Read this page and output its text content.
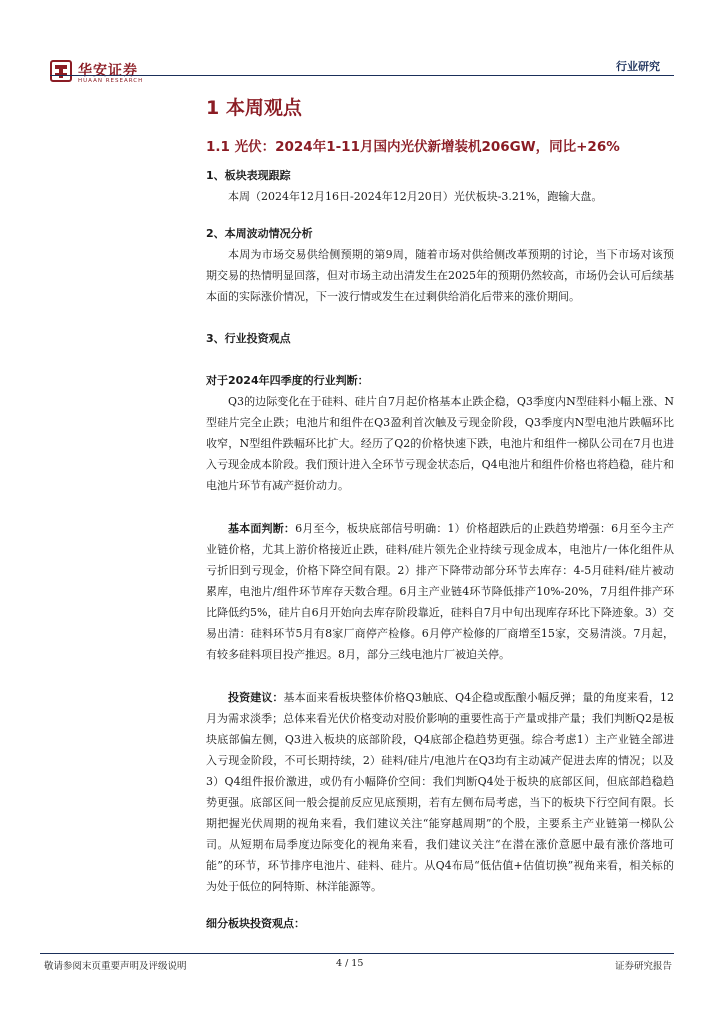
华安证券
HUAAN RESEARCH
行业研究
1 本周观点
1.1 光伏：2024年1-11月国内光伏新增装机206GW，同比+26%
1、板块表现跟踪

本周（2024年12月16日-2024年12月20日）光伏板块-3.21%，跑输大盘。

2、本周波动情况分析

本周为市场交易供给侧预期的第9周，随着市场对供给侧改革预期的讨论，当下市场对该预期交易的热情明显回落，但对市场主动出清发生在2025年的预期仍然较高，市场仍会认可后续基本面的实际涨价情况，下一波行情或发生在过剩供给消化后带来的涨价期间。

3、行业投资观点
对于2024年四季度的行业判断：

Q3的边际变化在于硅料、硅片自7月起价格基本止跌企稳，Q3季度内N型硅料小幅上涨、N型硅片完全止跌；电池片和组件在Q3盈利首次触及亏现金阶段，Q3季度内N型电池片跌幅环比收窄，N型组件跌幅环比扩大。经历了Q2的价格快速下跌，电池片和组件一梯队公司在7月也进入亏现金成本阶段。我们预计进入全环节亏现金状态后，Q4电池片和组件价格也将趋稳，硅片和电池片环节有减产挺价动力。

基本面判断：6月至今，板块底部信号明确：1）价格超跌后的止跌趋势增强：6月至今主产业链价格，尤其上游价格接近止跌，硅料/硅片领先企业持续亏现金成本，电池片/一体化组件从亏折旧到亏现金，价格下降空间有限。2）排产下降带动部分环节去库存：4-5月硅料/硅片被动累库，电池片/组件环节库存天数合理。6月主产业链4环节降低排产10%-20%，7月组件排产环比降低约5%，硅片自6月开始向去库存阶段靠近，硅料自7月中旬出现库存环比下降迹象。3）交易出清：硅料环节5月有8家厂商停产检修。6月停产检修的厂商增至15家，交易清淡。7月起，有较多硅料项目投产推迟。8月，部分三线电池片厂被迫关停。

投资建议：基本面来看板块整体价格Q3触底、Q4企稳或酝酿小幅反弹；量的角度来看，12月为需求淡季；总体来看光伏价格变动对股价影响的重要性高于产量或排产量；我们判断Q2是板块底部偏左侧，Q3进入板块的底部阶段，Q4底部企稳趋势更强。综合考虑1）主产业链全部进入亏现金阶段，不可长期持续，2）硅料/硅片/电池片在Q3均有主动减产促进去库的情况；以及3）Q4组件报价激进，或仍有小幅降价空间：我们判断Q4处于板块的底部区间，但底部趋稳趋势更强。底部区间一般会提前反应见底预期，若有左侧布局考虑，当下的板块下行空间有限。长期把握光伏周期的视角来看，我们建议关注“能穿越周期”的个股，主要系主产业链第一梯队公司。从短期布局季度边际变化的视角来看，我们建议关注“在潜在涨价意愿中最有涨价落地可能”的环节，环节排序电池片、硅料、硅片。从Q4布局“低估值+估值切换”视角来看，相关标的为处于低位的阿特斯、林洋能源等。

细分板块投资观点：
敬请参阅末页重要声明及评级说明	4 / 15	证券研究报告
